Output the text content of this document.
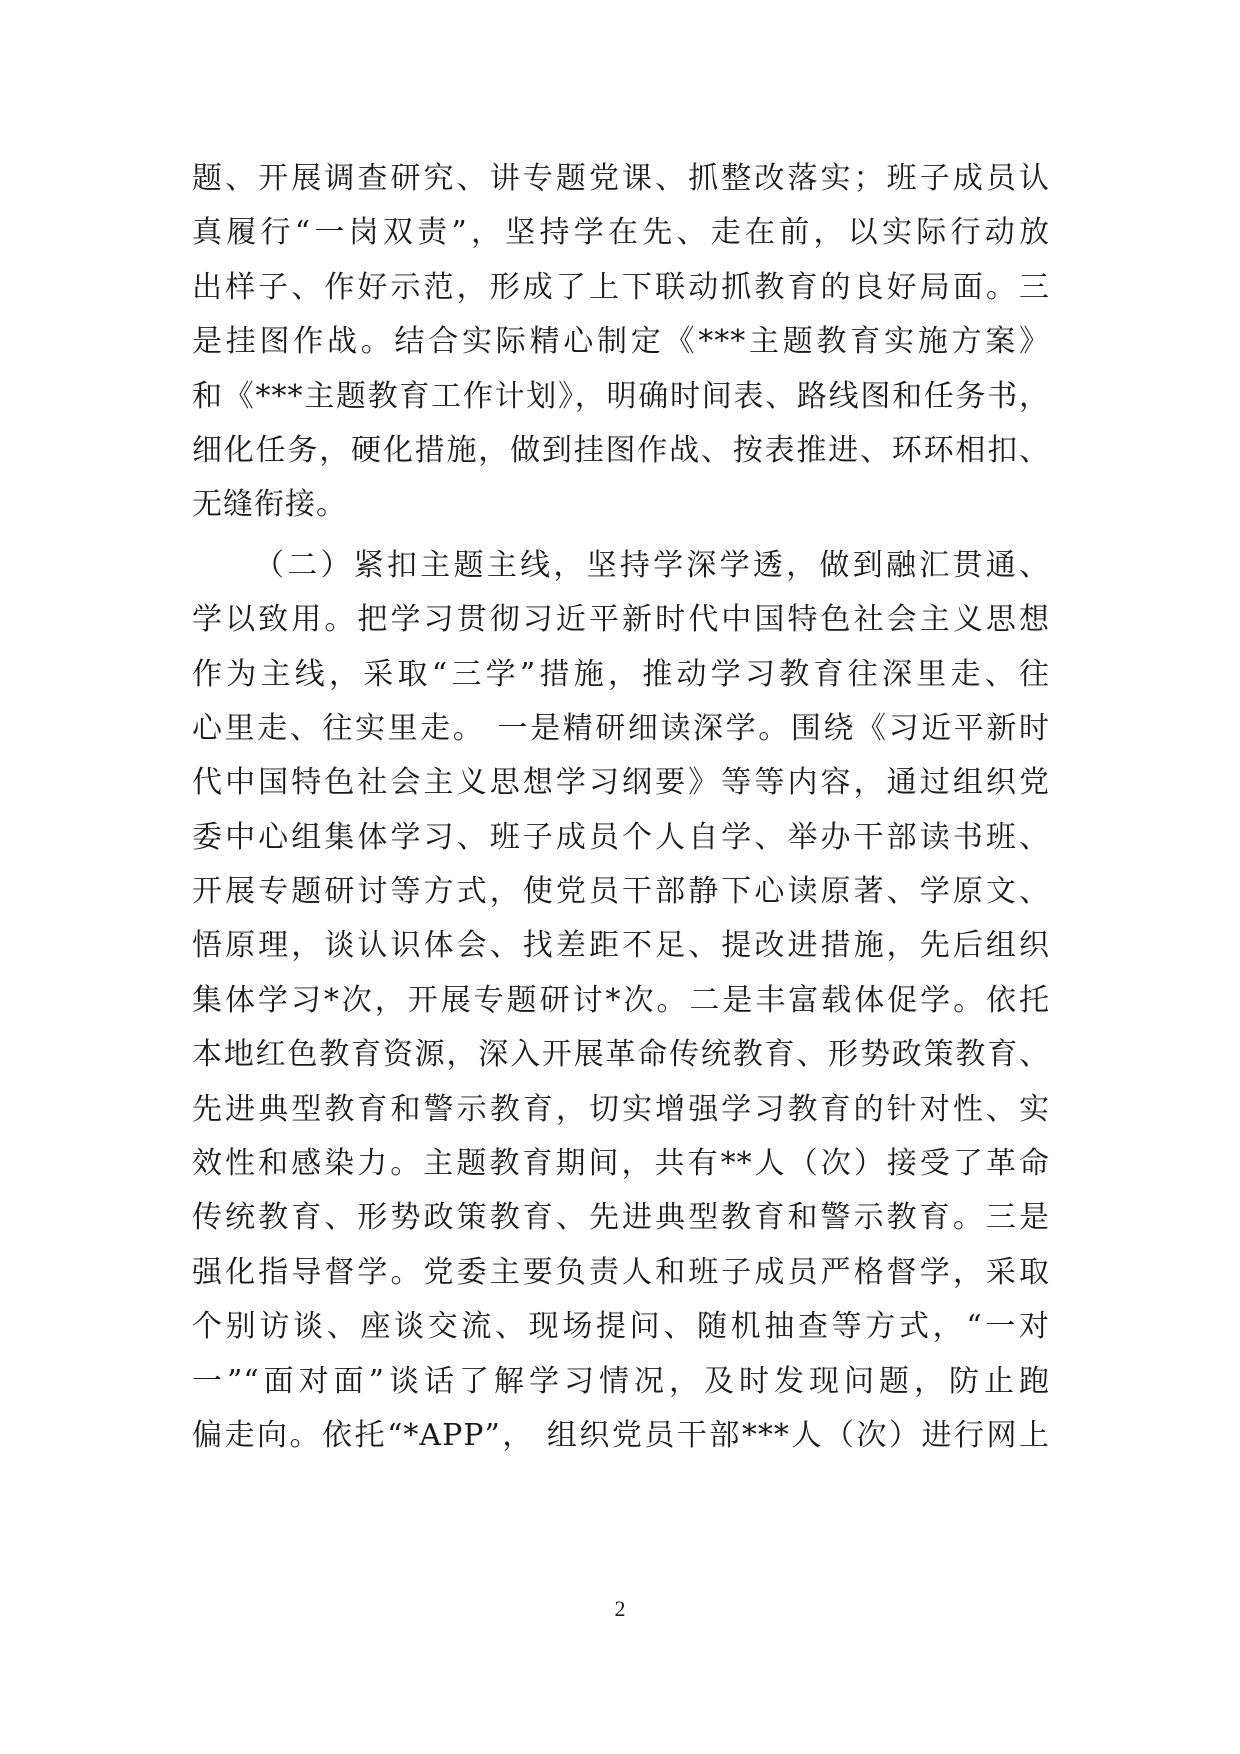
题、开展调查研究、讲专题党课、抓整改落实；班子成员认
真履行“一岗双责”，坚持学在先、走在前，以实际行动放
出样子、作好示范，形成了上下联动抓教育的良好局面。三
是挂图作战。结合实际精心制定《***主题教育实施方案》
和《***主题教育工作计划》，明确时间表、路线图和任务书，
细化任务，硬化措施，做到挂图作战、按表推进、环环相扣、
无缝衔接。
（二）紧扣主题主线，坚持学深学透，做到融汇贯通、
学以致用。把学习贯彻习近平新时代中国特色社会主义思想
作为主线，采取“三学”措施，推动学习教育往深里走、往
心里走、往实里走。 一是精研细读深学。围绕《习近平新时
代中国特色社会主义思想学习纲要》等等内容，通过组织党
委中心组集体学习、班子成员个人自学、举办干部读书班、
开展专题研讨等方式，使党员干部静下心读原著、学原文、
悟原理，谈认识体会、找差距不足、提改进措施，先后组织
集体学习*次，开展专题研讨*次。二是丰富载体促学。依托
本地红色教育资源，深入开展革命传统教育、形势政策教育、
先进典型教育和警示教育，切实增强学习教育的针对性、实
效性和感染力。主题教育期间，共有**人（次）接受了革命
传统教育、形势政策教育、先进典型教育和警示教育。三是
强化指导督学。党委主要负责人和班子成员严格督学，采取
个别访谈、座谈交流、现场提问、随机抽查等方式，“一对
一”“面对面”谈话了解学习情况，及时发现问题，防止跑
偏走向。依托“*APP”， 组织党员干部***人（次）进行网上
2
